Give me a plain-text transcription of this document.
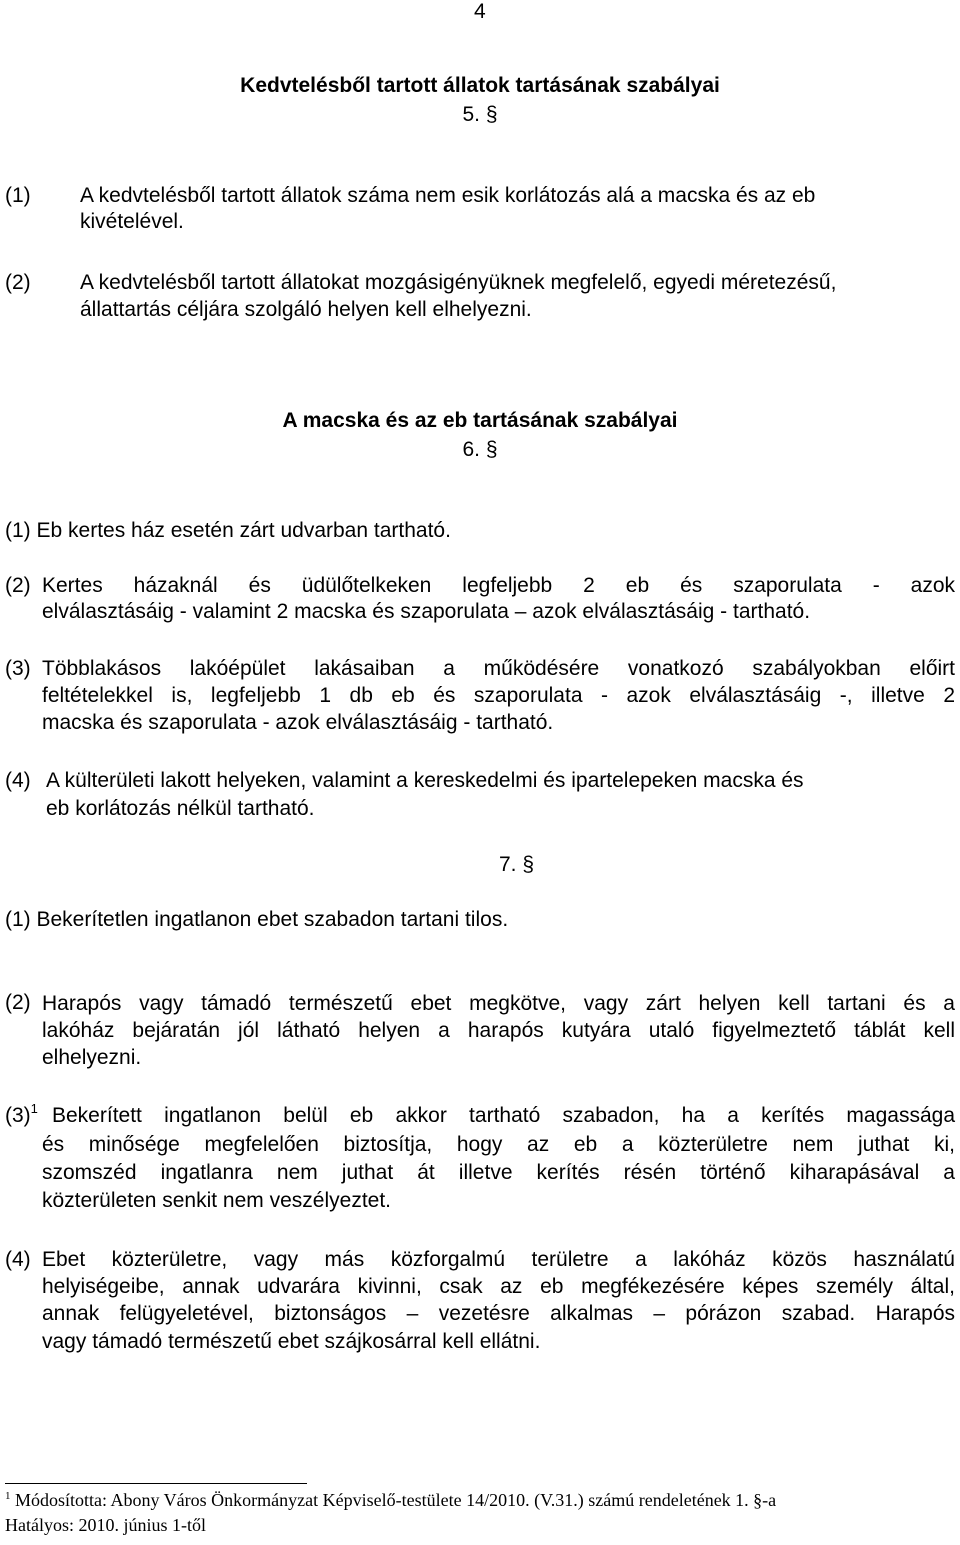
4
Kedvtelésből tartott állatok tartásának szabályai
5. §
(1) A kedvtelésből tartott állatok száma nem esik korlátozás alá a macska és az eb
kivételével.
(2) A kedvtelésből tartott állatokat mozgásigényüknek megfelelő, egyedi méretezésű,
állattartás céljára szolgáló helyen kell elhelyezni.
A macska és az eb tartásának szabályai
6. §
(1) Eb kertes ház esetén zárt udvarban tartható.
(2) Kertes házaknál és üdülőtelkeken legfeljebb 2 eb és szaporulata - azok
elválasztásáig - valamint 2 macska és szaporulata – azok elválasztásáig - tartható.
(3) Többlakásos lakóépület lakásaiban a működésére vonatkozó szabályokban előirt
feltételekkel is, legfeljebb 1 db eb és szaporulata - azok elválasztásáig -, illetve 2
macska és szaporulata - azok elválasztásáig - tartható.
(4) A külterületi lakott helyeken, valamint a kereskedelmi és ipartelepeken macska és
eb korlátozás nélkül tartható.
7. §
(1) Bekerítetlen ingatlanon ebet szabadon tartani tilos.
(2) Harapós vagy támadó természetű ebet megkötve, vagy zárt helyen kell tartani és a
lakóház bejáratán jól látható helyen a harapós kutyára utaló figyelmeztető táblát kell
elhelyezni.
$(3)^1$ Bekerített ingatlanon belül eb akkor tartható szabadon, ha a kerítés magassága
és minősége megfelelően biztosítja, hogy az eb a közterületre nem juthat ki,
szomszéd ingatlanra nem juthat át illetve kerítés résén történő kiharapásával a
közterületen senkit nem veszélyeztet.
(4) Ebet közterületre, vagy más közforgalmú területre a lakóház közös használatú
helyiségeibe, annak udvarára kivinni, csak az eb megfékezésére képes személy által,
annak felügyeletével, biztonságos – vezetésre alkalmas – pórázon szabad. Harapós
vagy támadó természetű ebet szájkosárral kell ellátni.
$^1$ Módosította: Abony Város Önkormányzat Képviselő-testülete 14/2010. (V.31.) számú rendeletének 1. §-a
Hatályos: 2010. június 1-től
